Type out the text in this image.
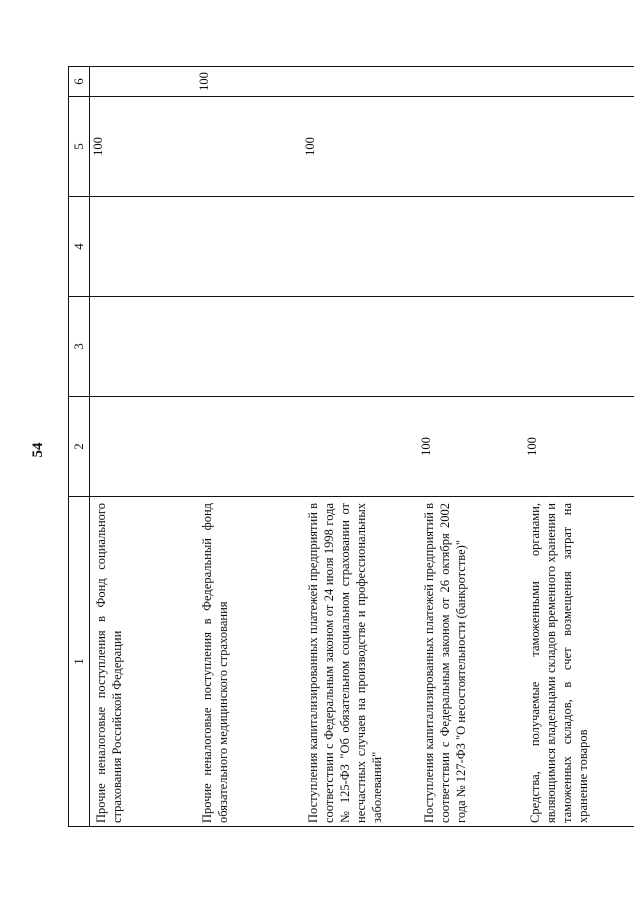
54
1	2	3	4	5	6

Прочие неналоговые поступления в Фонд социального страхования Российской Федерации				100	

Прочие неналоговые поступления в Федеральный фонд обязательного медицинского страхования					100

Поступления капитализированных платежей предприятий в соответствии с Федеральным законом от 24 июля 1998 года № 125-ФЗ "Об обязательном социальном страховании от несчастных случаев на производстве и профессиональных заболеваний"				100	

Поступления капитализированных платежей предприятий в соответствии с Федеральным законом от 26 октября 2002 года № 127-ФЗ "О несостоятельности (банкротстве)"	100				

Средства, получаемые таможенными органами, являющимися владельцами складов временного хранения и таможенных складов, в счет возмещения затрат на хранение товаров	100				
